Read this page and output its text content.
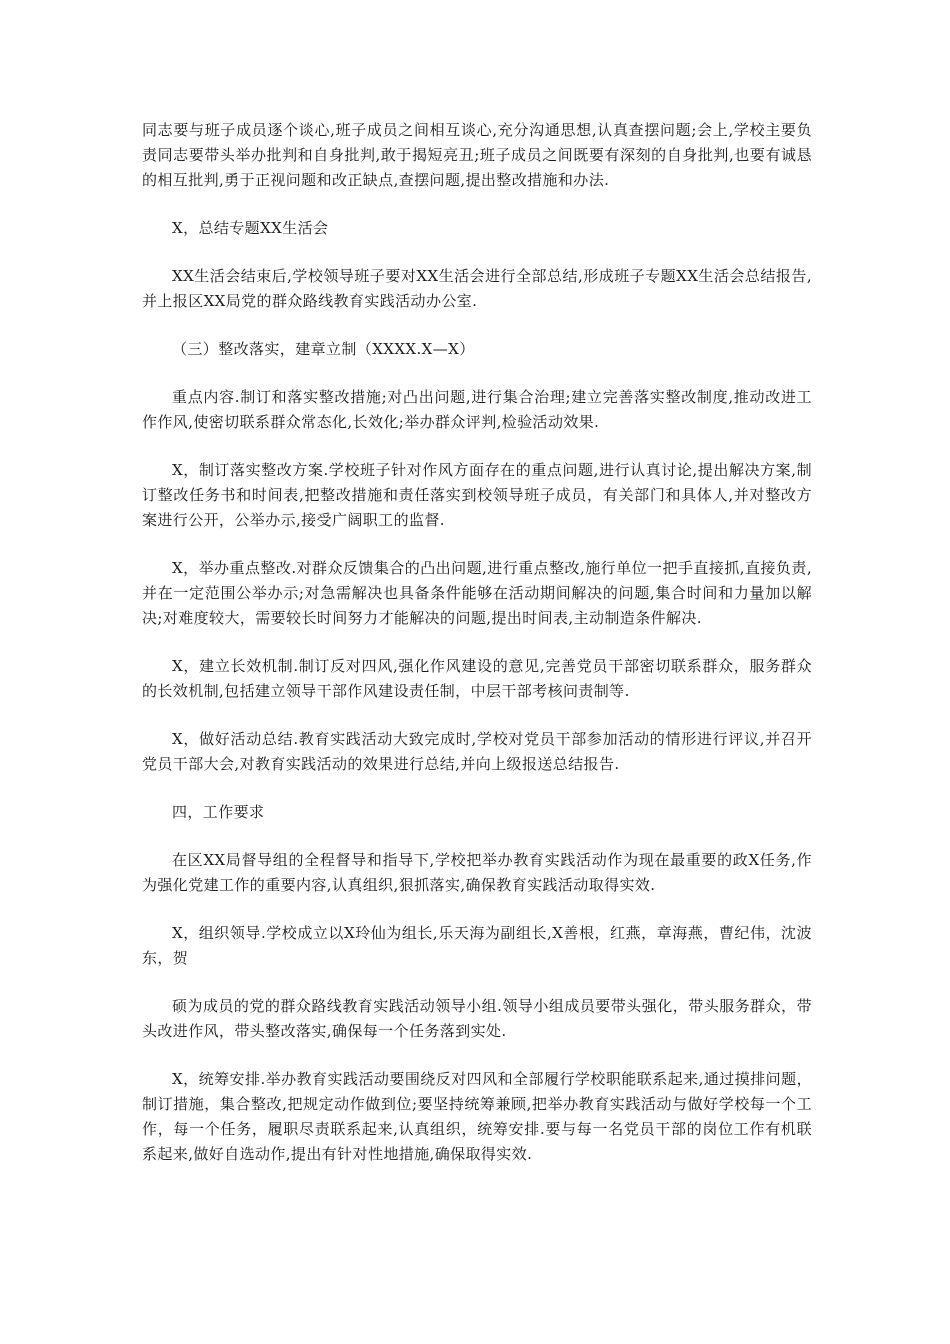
同志要与班子成员逐个谈心,班子成员之间相互谈心,充分沟通思想,认真查摆问题;会上,学校主要负责同志要带头举办批判和自身批判,敢于揭短亮丑;班子成员之间既要有深刻的自身批判,也要有诚恳的相互批判,勇于正视问题和改正缺点,查摆问题,提出整改措施和办法.

X，总结专题XX生活会

XX生活会结束后,学校领导班子要对XX生活会进行全部总结,形成班子专题XX生活会总结报告,并上报区XX局党的群众路线教育实践活动办公室.

（三）整改落实，建章立制（XXXX.X—X）

重点内容.制订和落实整改措施;对凸出问题,进行集合治理;建立完善落实整改制度,推动改进工作作风,使密切联系群众常态化,长效化;举办群众评判,检验活动效果.

X，制订落实整改方案.学校班子针对作风方面存在的重点问题,进行认真讨论,提出解决方案,制订整改任务书和时间表,把整改措施和责任落实到校领导班子成员，有关部门和具体人,并对整改方案进行公开，公举办示,接受广阔职工的监督.

X，举办重点整改.对群众反馈集合的凸出问题,进行重点整改,施行单位一把手直接抓,直接负责,并在一定范围公举办示;对急需解决也具备条件能够在活动期间解决的问题,集合时间和力量加以解决;对难度较大，需要较长时间努力才能解决的问题,提出时间表,主动制造条件解决.

X，建立长效机制.制订反对四风,强化作风建设的意见,完善党员干部密切联系群众，服务群众的长效机制,包括建立领导干部作风建设责任制，中层干部考核问责制等.

X，做好活动总结.教育实践活动大致完成时,学校对党员干部参加活动的情形进行评议,并召开党员干部大会,对教育实践活动的效果进行总结,并向上级报送总结报告.

四，工作要求

在区XX局督导组的全程督导和指导下,学校把举办教育实践活动作为现在最重要的政X任务,作为强化党建工作的重要内容,认真组织,狠抓落实,确保教育实践活动取得实效.

X，组织领导.学校成立以X玲仙为组长,乐天海为副组长,X善根，红燕，章海燕，曹纪伟，沈波东，贺

硕为成员的党的群众路线教育实践活动领导小组.领导小组成员要带头强化，带头服务群众，带头改进作风，带头整改落实,确保每一个任务落到实处.

X，统筹安排.举办教育实践活动要围绕反对四风和全部履行学校职能联系起来,通过摸排问题，制订措施，集合整改,把规定动作做到位;要坚持统筹兼顾,把举办教育实践活动与做好学校每一个工作，每一个任务，履职尽责联系起来,认真组织，统筹安排.要与每一名党员干部的岗位工作有机联系起来,做好自选动作,提出有针对性地措施,确保取得实效.
